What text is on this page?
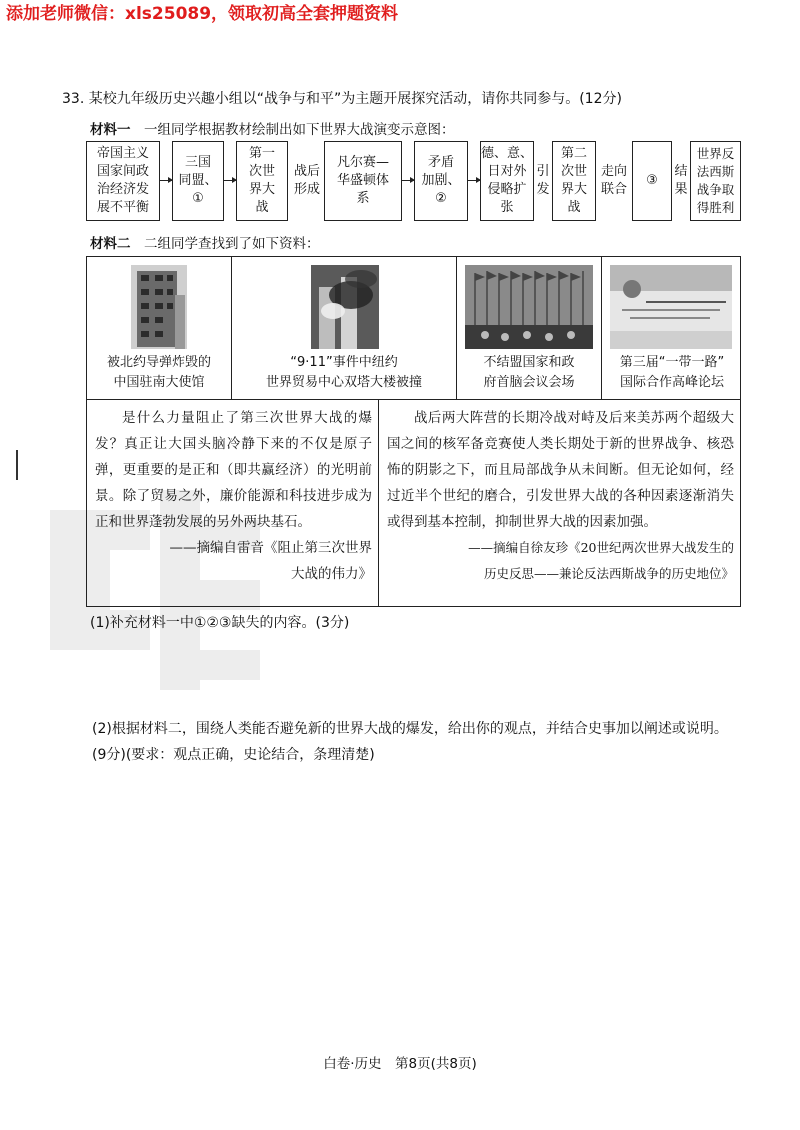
添加老师微信：xls25089，领取初高全套押题资料
33. 某校九年级历史兴趣小组以“战争与和平”为主题开展探究活动，请你共同参与。(12分)
材料一　 一组同学根据教材绘制出如下世界大战演变示意图：
帝国主义
国家间政
治经济发
展不平衡
三国
同盟、
①
第一
次世
界大
战
战后形成
凡尔赛—
华盛顿体
系
矛盾
加剧、
②
德、意、
日对外
侵略扩
张
引发
第二
次世
界大
战
走向联合
③
结果
世界反
法西斯
战争取
得胜利
材料二　 二组同学查找到了如下资料：
被北约导弹炸毁的
中国驻南大使馆
“9·11”事件中纽约
世界贸易中心双塔大楼被撞
不结盟国家和政
府首脑会议会场
第三届“一带一路”
国际合作高峰论坛
是什么力量阻止了第三次世界大战的爆发？真正让大国头脑冷静下来的不仅是原子弹，更重要的是正和（即共赢经济）的光明前景。除了贸易之外，廉价能源和科技进步成为正和世界蓬勃发展的另外两块基石。
——摘编自雷音《阻止第三次世界
大战的伟力》
战后两大阵营的长期冷战对峙及后来美苏两个超级大国之间的核军备竞赛使人类长期处于新的世界战争、核恐怖的阴影之下，而且局部战争从未间断。但无论如何，经过近半个世纪的磨合，引发世界大战的各种因素逐渐消失或得到基本控制，抑制世界大战的因素加强。
——摘编自徐友珍《20世纪两次世界大战发生的
历史反思——兼论反法西斯战争的历史地位》
(1)补充材料一中①②③缺失的内容。(3分)
(2)根据材料二，围绕人类能否避免新的世界大战的爆发，给出你的观点，并结合史事加以阐述或说明。(9分)(要求：观点正确，史论结合，条理清楚)
白卷·历史　第8页(共8页)
